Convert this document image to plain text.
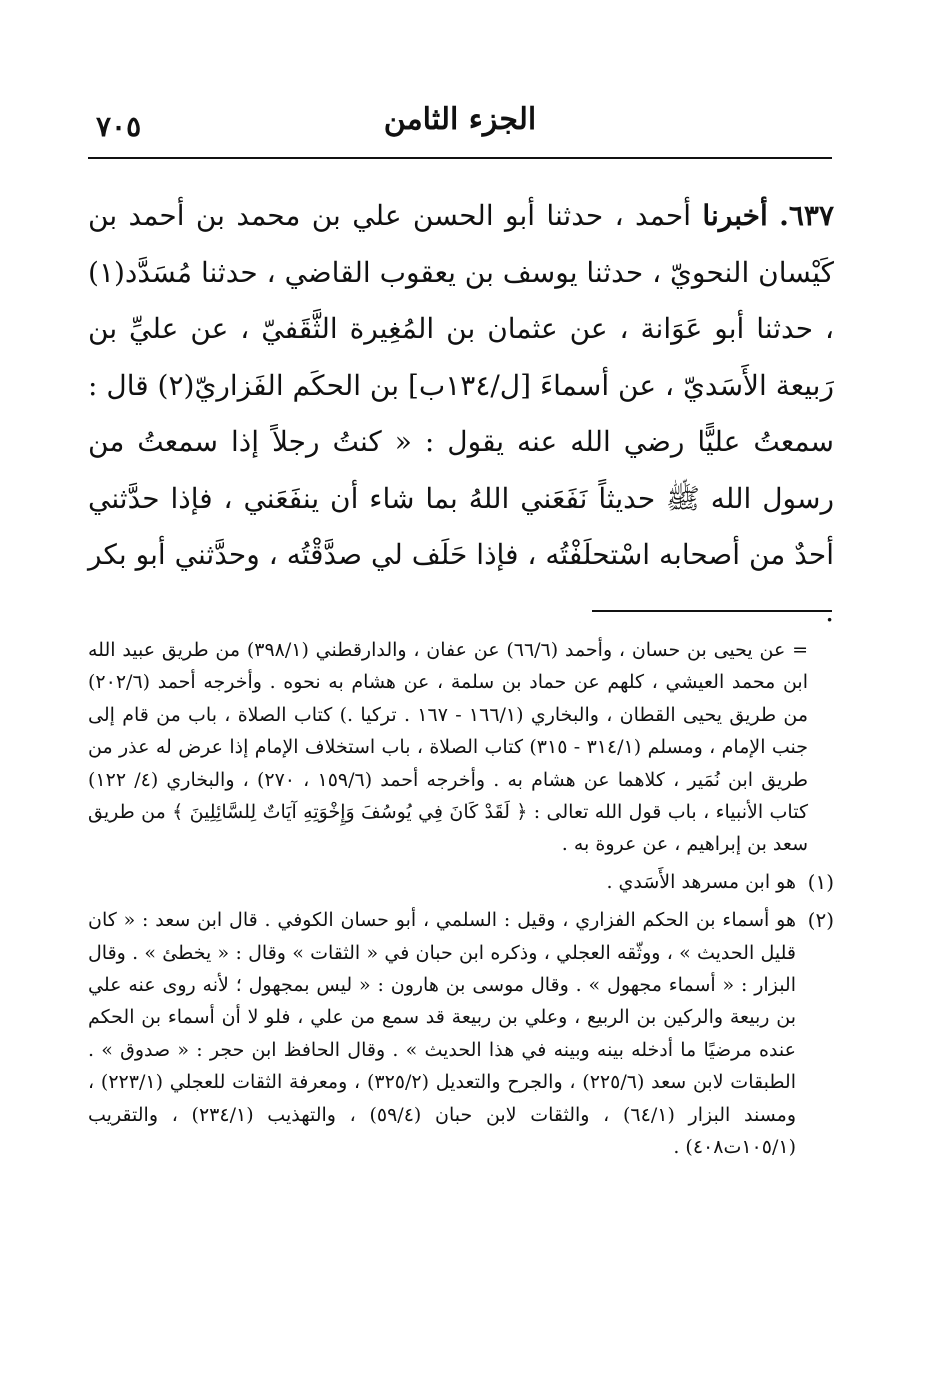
الجزء الثامن
٧٠٥

٦٣٧. أخبرنا أحمد ، حدثنا أبو الحسن علي بن محمد بن أحمد بن كَيْسان النحويّ ، حدثنا يوسف بن يعقوب القاضي ، حدثنا مُسَدَّد(١) ، حدثنا أبو عَوَانة ، عن عثمان بن المُغِيرة الثَّقَفيّ ، عن عليِّ بن رَبيعة الأَسَديّ ، عن أسماءَ [ل/١٣٤ب] بن الحكَم الفَزاريّ(٢) قال : سمعتُ عليًّا رضي الله عنه يقول : « كنتُ رجلاً إذا سمعتُ من رسول الله ﷺ حديثاً نَفَعَني اللهُ بما شاء أن ينفَعَني ، فإذا حدَّثني أحدٌ من أصحابه اسْتحلَفْتُه ، فإذا حَلَف لي صدَّقْتُه ، وحدَّثني أبو بكر .

= عن يحيى بن حسان ، وأحمد (٦٦/٦) عن عفان ، والدارقطني (٣٩٨/١) من طريق عبيد الله ابن محمد العيشي ، كلهم عن حماد بن سلمة ، عن هشام به نحوه . وأخرجه أحمد (٢٠٢/٦) من طريق يحيى القطان ، والبخاري (١٦٦/١ - ١٦٧ . تركيا .) كتاب الصلاة ، باب من قام إلى جنب الإمام ، ومسلم (٣١٤/١ - ٣١٥) كتاب الصلاة ، باب استخلاف الإمام إذا عرض له عذر من طريق ابن نُمَير ، كلاهما عن هشام به . وأخرجه أحمد (١٥٩/٦ ، ٢٧٠) ، والبخاري (٤/ ١٢٢) كتاب الأنبياء ، باب قول الله تعالى : ﴿ لَقَدْ كَانَ فِي يُوسُفَ وَإِخْوَتِهِ آيَاتٌ لِلسَّائِلِينَ ﴾ من طريق سعد بن إبراهيم ، عن عروة به .

(١)
هو ابن مسرهد الأَسَدي .
(٢)
هو أسماء بن الحكم الفزاري ، وقيل : السلمي ، أبو حسان الكوفي . قال ابن سعد : « كان قليل الحديث » ، ووثّقه العجلي ، وذكره ابن حبان في « الثقات » وقال : « يخطئ » . وقال البزار : « أسماء مجهول » . وقال موسى بن هارون : « ليس بمجهول ؛ لأنه روى عنه علي بن ربيعة والركين بن الربيع ، وعلي بن ربيعة قد سمع من علي ، فلو لا أن أسماء بن الحكم عنده مرضيًا ما أدخله بينه وبينه في هذا الحديث » . وقال الحافظ ابن حجر : « صدوق » . الطبقات لابن سعد (٢٢٥/٦) ، والجرح والتعديل (٣٢٥/٢) ، ومعرفة الثقات للعجلي (٢٢٣/١) ، ومسند البزار (٦٤/١) ، والثقات لابن حبان (٥٩/٤) ، والتهذيب (٢٣٤/١) ، والتقريب (١٠٥/١ت٤٠٨) .
